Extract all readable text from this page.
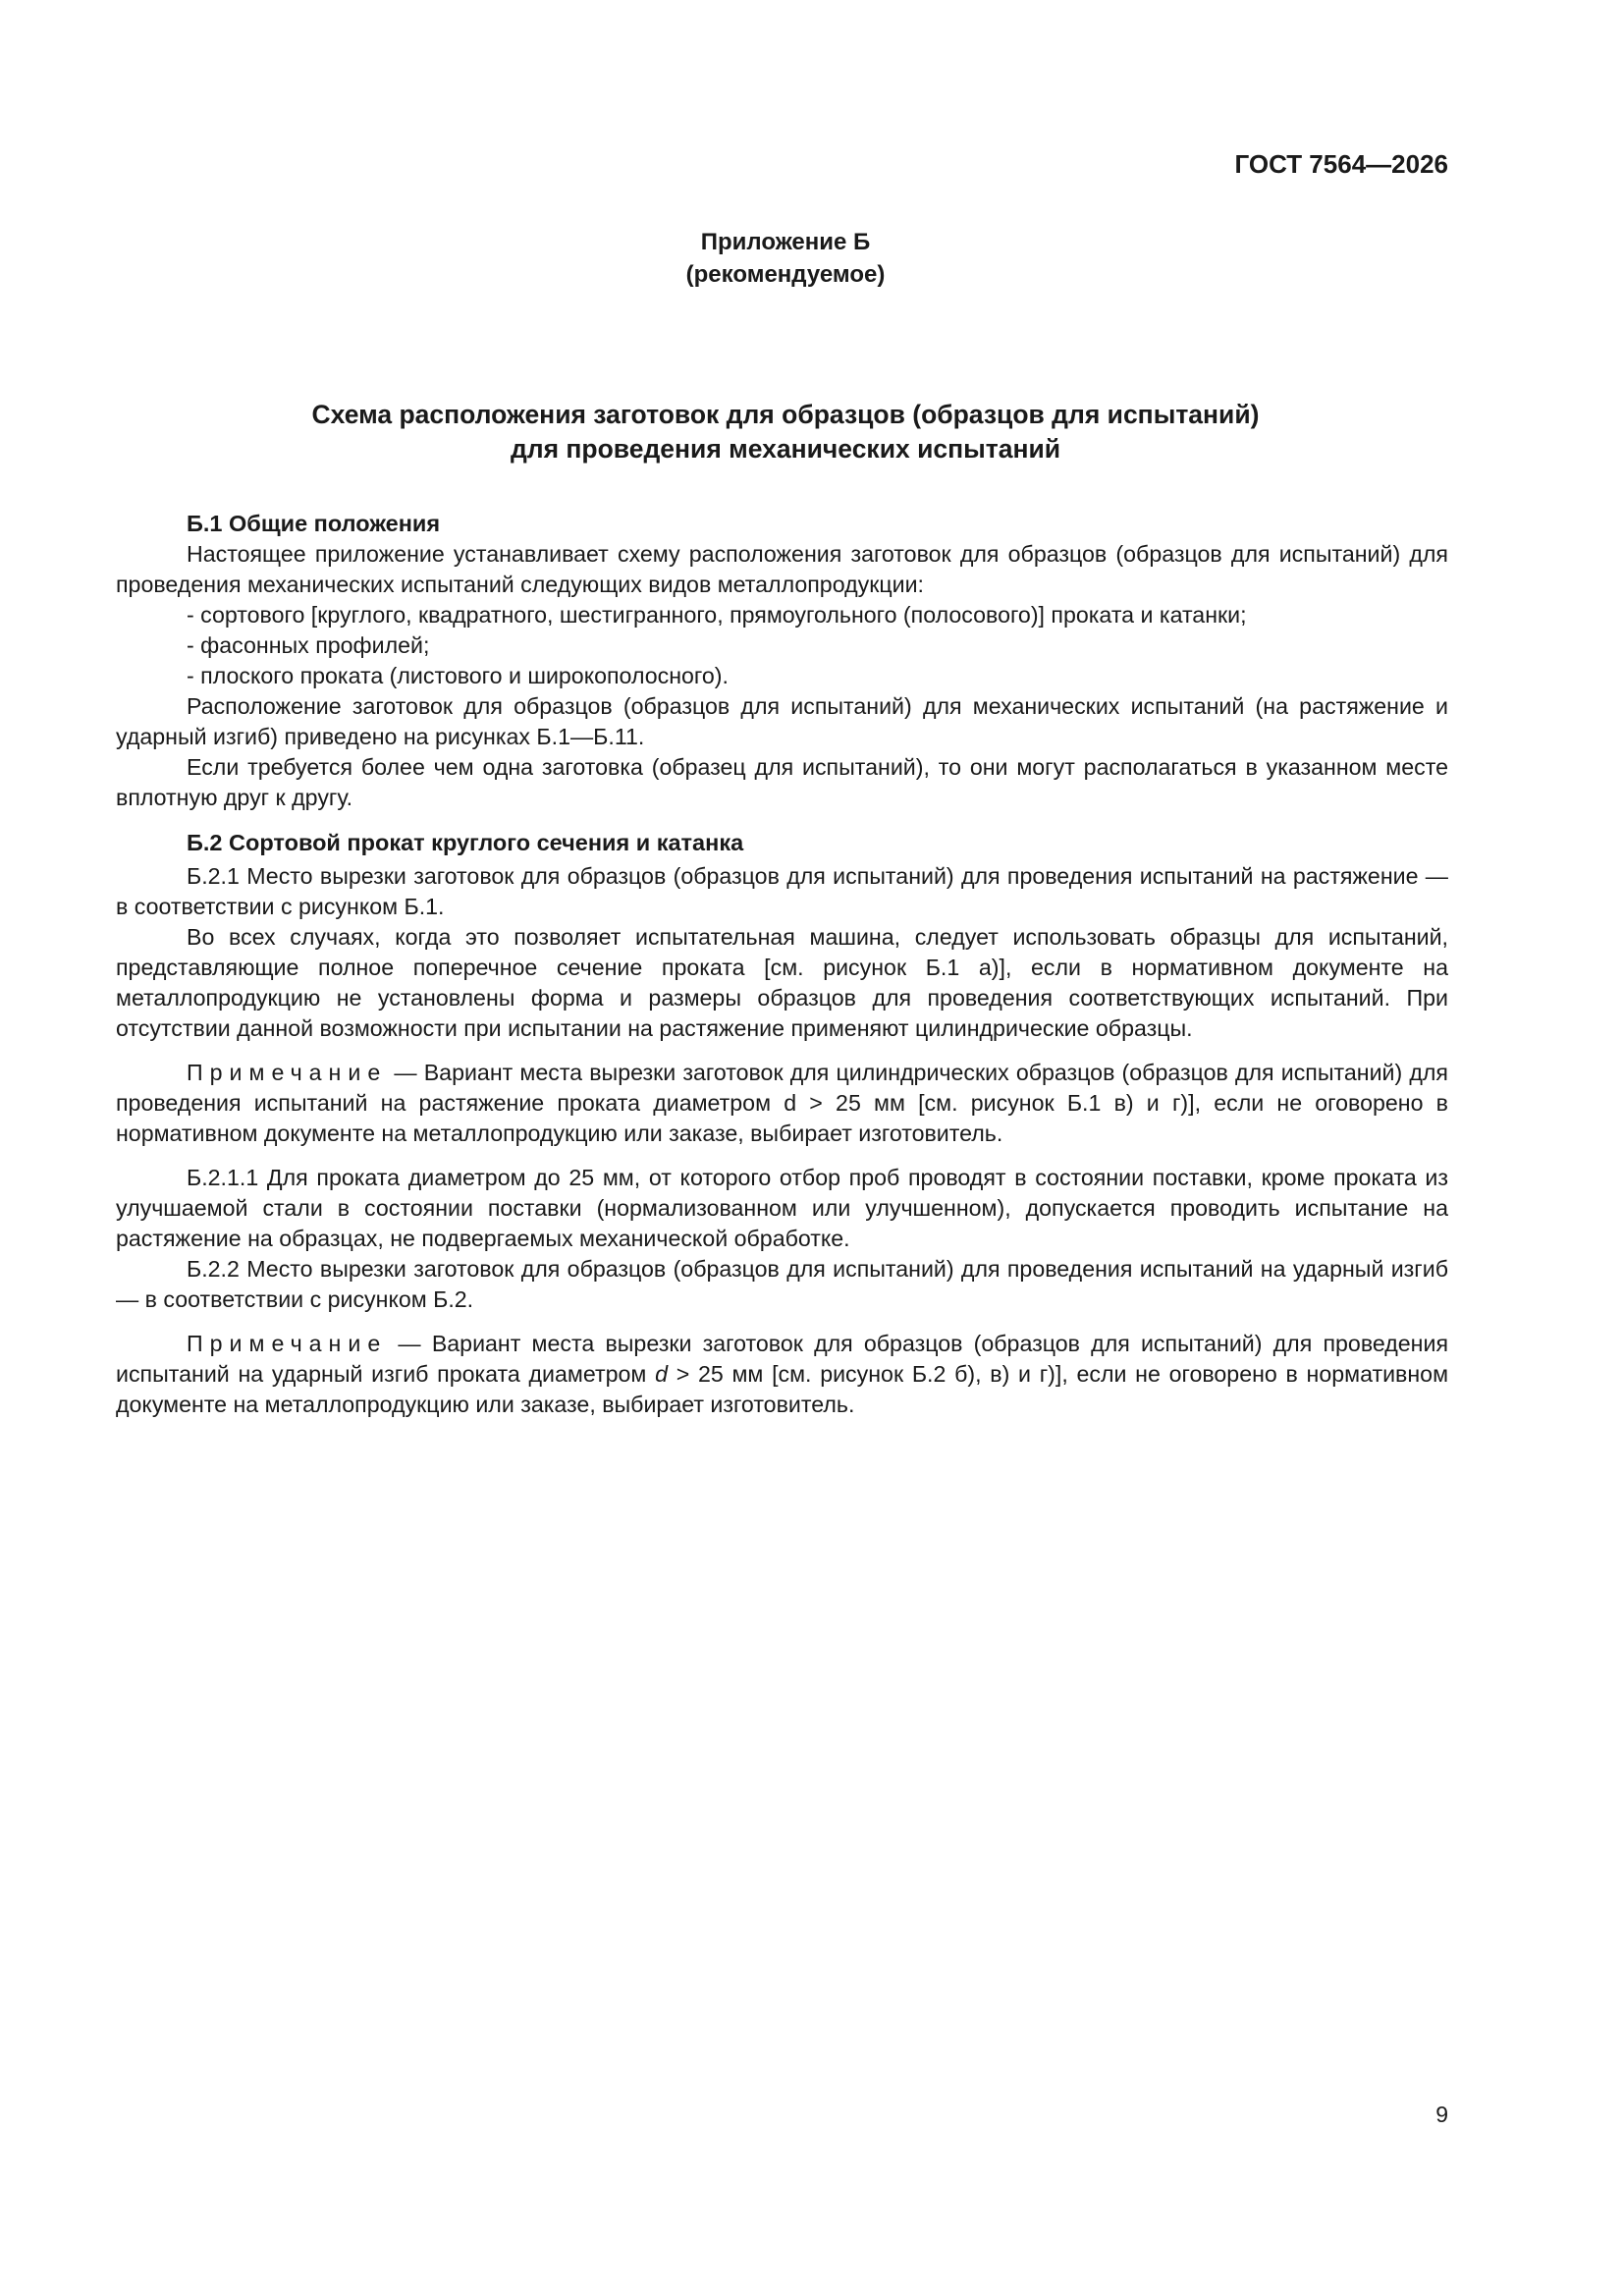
ГОСТ 7564—2026
Приложение Б
(рекомендуемое)
Схема расположения заготовок для образцов (образцов для испытаний)
для проведения механических испытаний
Б.1 Общие положения

Настоящее приложение устанавливает схему расположения заготовок для образцов (образцов для испытаний) для проведения механических испытаний следующих видов металлопродукции:

- сортового [круглого, квадратного, шестигранного, прямоугольного (полосового)] проката и катанки;

- фасонных профилей;

- плоского проката (листового и широкополосного).

Расположение заготовок для образцов (образцов для испытаний) для механических испытаний (на растяжение и ударный изгиб) приведено на рисунках Б.1—Б.11.

Если требуется более чем одна заготовка (образец для испытаний), то они могут располагаться в указанном месте вплотную друг к другу.

Б.2 Сортовой прокат круглого сечения и катанка

Б.2.1 Место вырезки заготовок для образцов (образцов для испытаний) для проведения испытаний на растяжение — в соответствии с рисунком Б.1.

Во всех случаях, когда это позволяет испытательная машина, следует использовать образцы для испытаний, представляющие полное поперечное сечение проката [см. рисунок Б.1 а)], если в нормативном документе на металлопродукцию не установлены форма и размеры образцов для проведения соответствующих испытаний. При отсутствии данной возможности при испытании на растяжение применяют цилиндрические образцы.

Примечание — Вариант места вырезки заготовок для цилиндрических образцов (образцов для испытаний) для проведения испытаний на растяжение проката диаметром d > 25 мм [см. рисунок Б.1 в) и г)], если не оговорено в нормативном документе на металлопродукцию или заказе, выбирает изготовитель.

Б.2.1.1 Для проката диаметром до 25 мм, от которого отбор проб проводят в состоянии поставки, кроме проката из улучшаемой стали в состоянии поставки (нормализованном или улучшенном), допускается проводить испытание на растяжение на образцах, не подвергаемых механической обработке.

Б.2.2 Место вырезки заготовок для образцов (образцов для испытаний) для проведения испытаний на ударный изгиб — в соответствии с рисунком Б.2.

Примечание — Вариант места вырезки заготовок для образцов (образцов для испытаний) для проведения испытаний на ударный изгиб проката диаметром d > 25 мм [см. рисунок Б.2 б), в) и г)], если не оговорено в нормативном документе на металлопродукцию или заказе, выбирает изготовитель.

9
